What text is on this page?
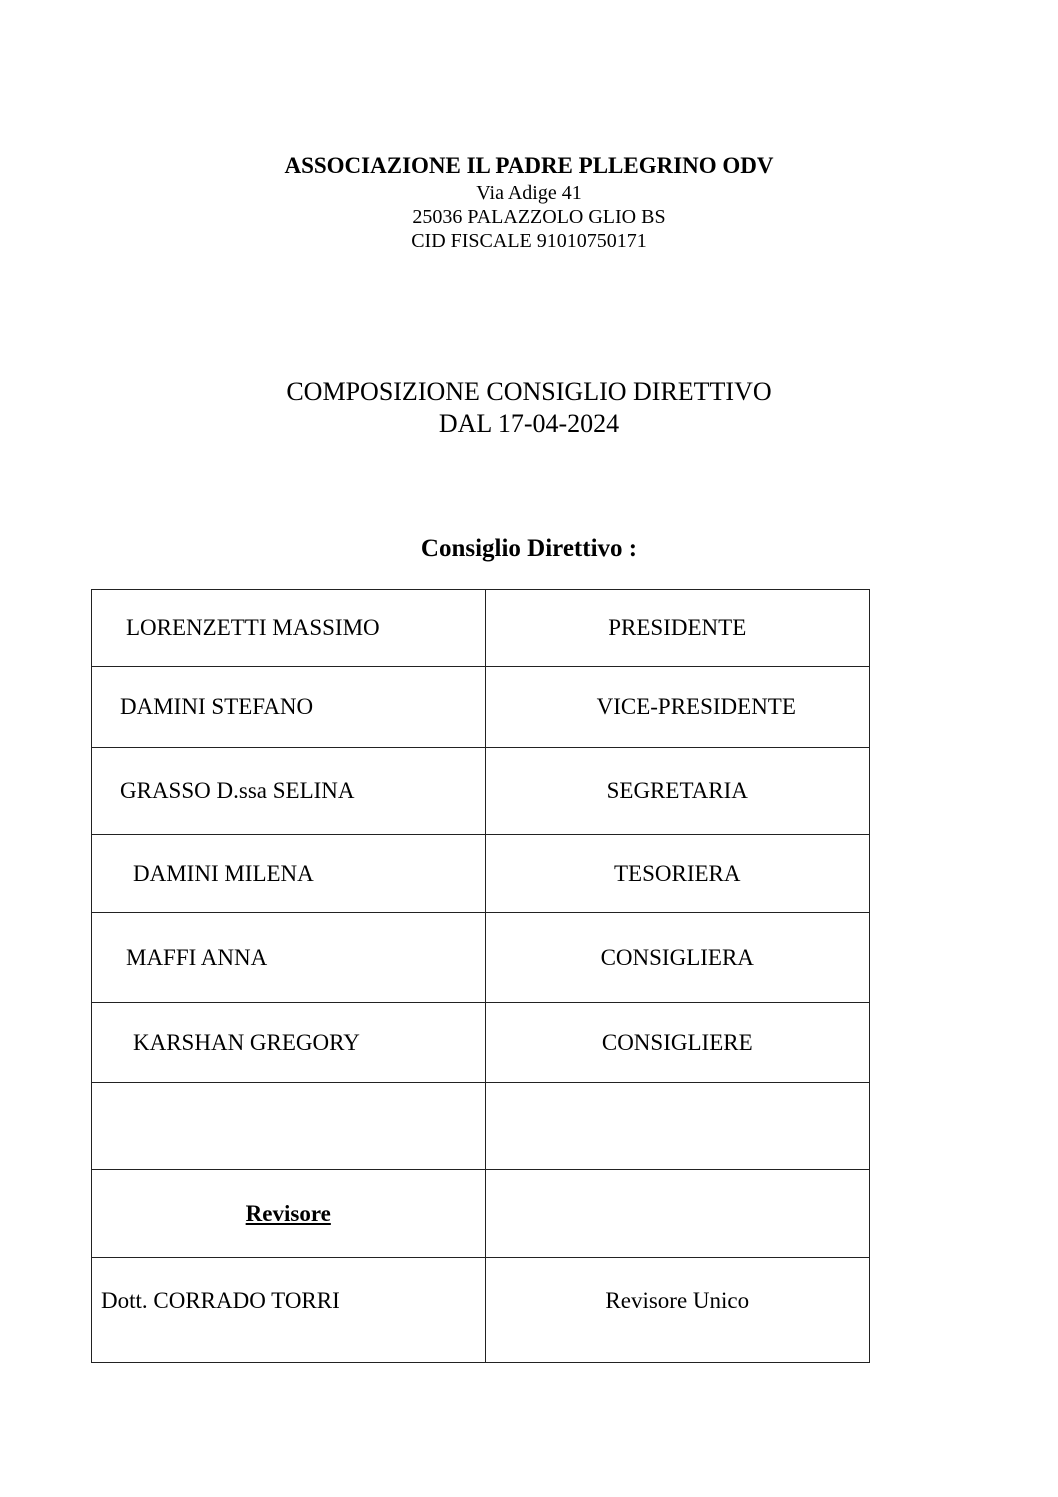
ASSOCIAZIONE IL PADRE PLLEGRINO ODV
Via Adige 41
25036 PALAZZOLO GLIO BS
CID FISCALE 91010750171
COMPOSIZIONE CONSIGLIO DIRETTIVO
DAL 17-04-2024
Consiglio Direttivo :
LORENZETTI MASSIMO	PRESIDENTE
DAMINI STEFANO	VICE-PRESIDENTE
GRASSO D.ssa SELINA	SEGRETARIA
DAMINI MILENA	TESORIERA
MAFFI ANNA	CONSIGLIERA
KARSHAN GREGORY	CONSIGLIERE

Revisore	
Dott. CORRADO TORRI	Revisore Unico
